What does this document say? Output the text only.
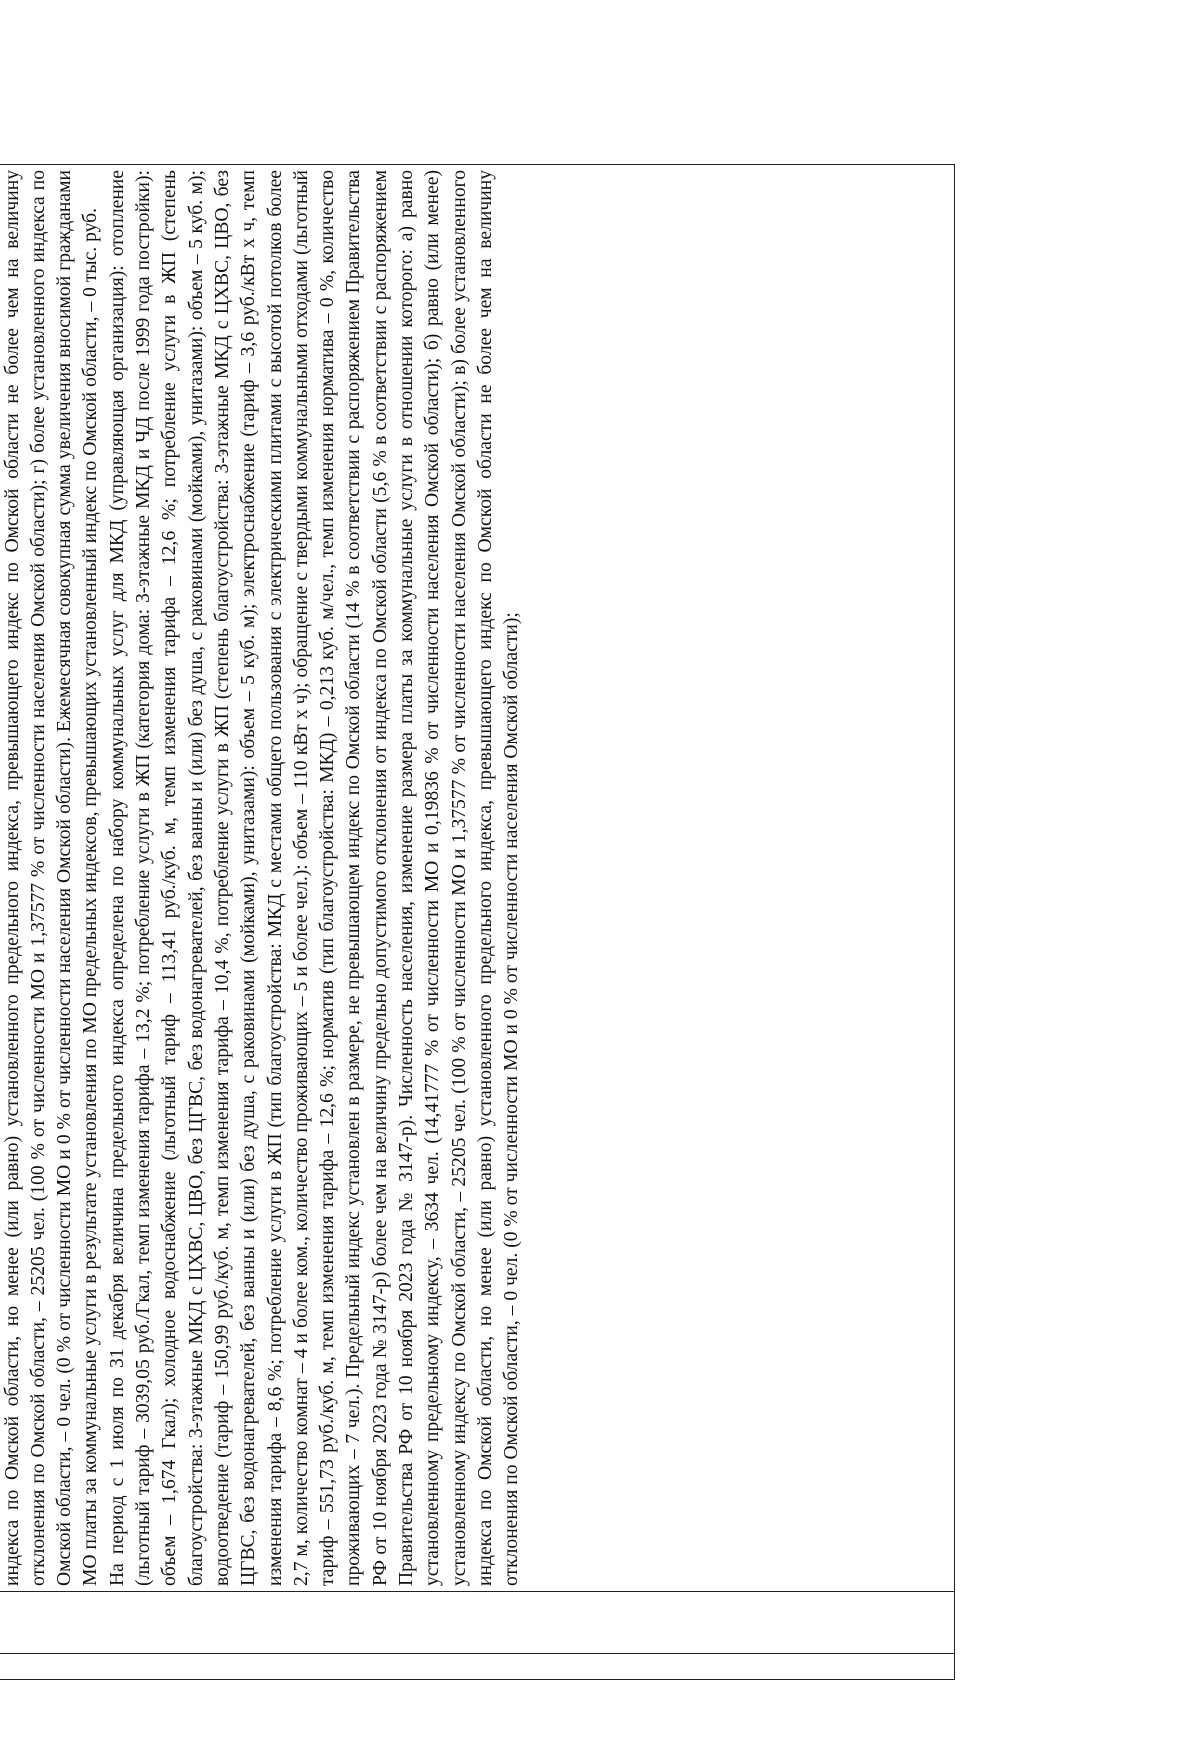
		индекса по Омской области, но менее (или равно) установленного предельного индекса, превышающего индекс по Омской области не более чем на величину отклонения по Омской области, – 25205 чел. (100 % от численности МО и 1,37577 % от численности населения Омской области); г) более установленного индекса по Омской области, – 0 чел. (0 % от численности МО и 0 % от численности населения Омской области). Ежемесячная совокупная сумма увеличения вносимой гражданами МО платы за коммунальные услуги в результате установления по МО предельных индексов, превышающих установленный индекс по Омской области, – 0 тыс. руб. На период с 1 июля по 31 декабря величина предельного индекса определена по набору коммунальных услуг для МКД (управляющая организация): отопление (льготный тариф – 3039,05 руб./Гкал, темп изменения тарифа – 13,2 %; потребление услуги в ЖП (категория дома: 3-этажные МКД и ЧД после 1999 года постройки): объем – 1,674 Гкал); холодное водоснабжение (льготный тариф – 113,41 руб./куб. м, темп изменения тарифа – 12,6 %; потребление услуги в ЖП (степень благоустройства: 3-этажные МКД с ЦХВС, ЦВО, без ЦГВС, без водонагревателей, без ванны и (или) без душа, с раковинами (мойками), унитазами): объем – 5 куб. м); водоотведение (тариф – 150,99 руб./куб. м, темп изменения тарифа – 10,4 %, потребление услуги в ЖП (степень благоустройства: 3-этажные МКД с ЦХВС, ЦВО, без ЦГВС, без водонагревателей, без ванны и (или) без душа, с раковинами (мойками), унитазами): объем – 5 куб. м); электроснабжение (тариф – 3,6 руб./кВт х ч, темп изменения тарифа – 8,6 %; потребление услуги в ЖП (тип благоустройства: МКД с местами общего пользования с электрическими плитами с высотой потолков более 2,7 м, количество комнат – 4 и более ком., количество проживающих – 5 и более чел.): объем – 110 кВт х ч); обращение с твердыми коммунальными отходами (льготный тариф – 551,73 руб./куб. м, темп изменения тарифа – 12,6 %; норматив (тип благоустройства: МКД) – 0,213 куб. м/чел., темп изменения норматива – 0 %, количество проживающих – 7 чел.). Предельный индекс установлен в размере, не превышающем индекс по Омской области (14 % в соответствии с распоряжением Правительства РФ от 10 ноября 2023 года № 3147-р) более чем на величину предельно допустимого отклонения от индекса по Омской области (5,6 % в соответствии с распоряжением Правительства РФ от 10 ноября 2023 года № 3147-р). Численность населения, изменение размера платы за коммунальные услуги в отношении которого: а) равно установленному предельному индексу, – 3634 чел. (14,41777 % от численности МО и 0,19836 % от численности населения Омской области); б) равно (или менее) установленному индексу по Омской области, – 25205 чел. (100 % от численности МО и 1,37577 % от численности населения Омской области); в) более установленного индекса по Омской области, но менее (или равно) установленного предельного индекса, превышающего индекс по Омской области не более чем на величину отклонения по Омской области, – 0 чел. (0 % от численности МО и 0 % от численности населения Омской области);
